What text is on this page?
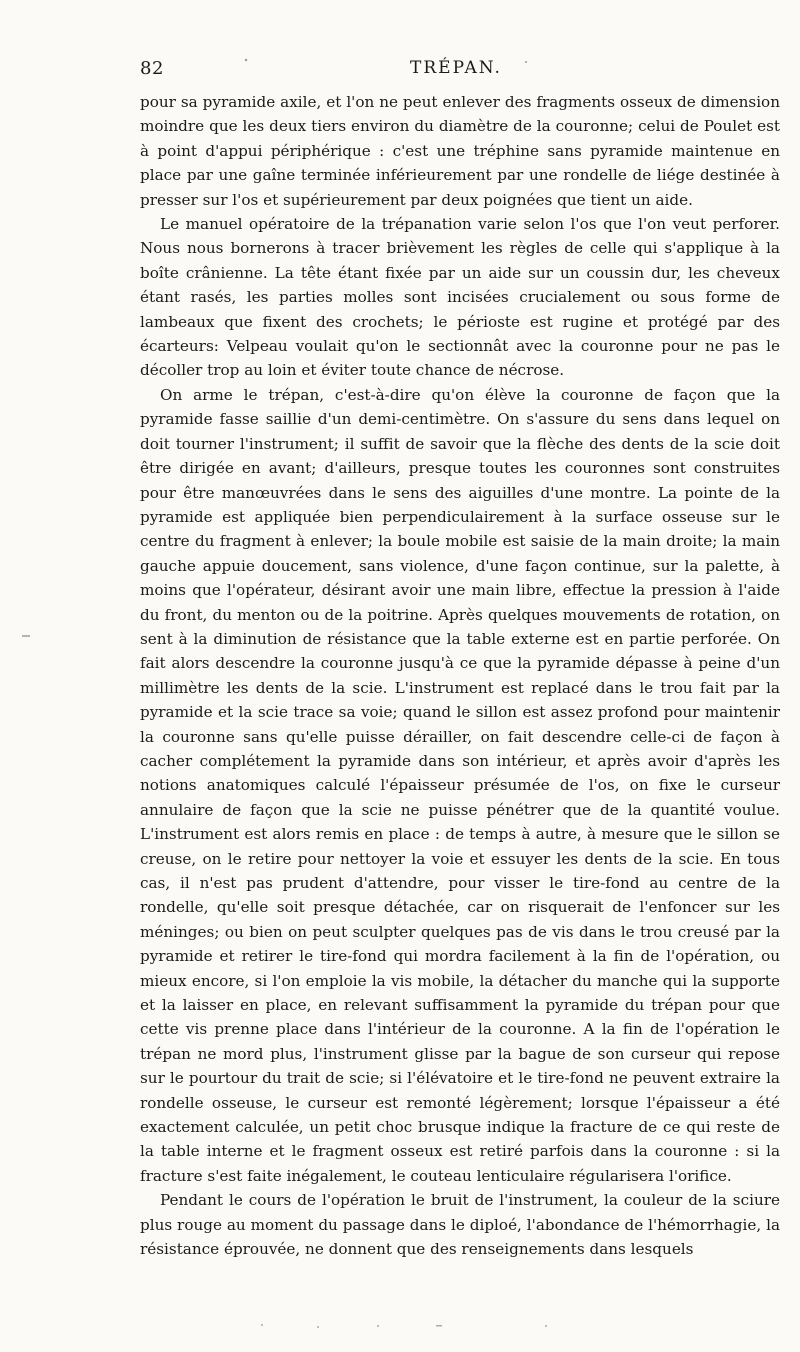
82	TRÉPAN.

pour sa pyramide axile, et l'on ne peut enlever des fragments osseux de dimension moindre que les deux tiers environ du diamètre de la couronne; celui de Poulet est à point d'appui périphérique : c'est une tréphine sans pyramide maintenue en place par une gaîne terminée inférieurement par une rondelle de liége destinée à presser sur l'os et supérieurement par deux poignées que tient un aide.

Le manuel opératoire de la trépanation varie selon l'os que l'on veut perforer. Nous nous bornerons à tracer brièvement les règles de celle qui s'applique à la boîte crânienne. La tête étant fixée par un aide sur un coussin dur, les cheveux étant rasés, les parties molles sont incisées crucialement ou sous forme de lambeaux que fixent des crochets; le périoste est rugine et protégé par des écarteurs: Velpeau voulait qu'on le sectionnât avec la couronne pour ne pas le décoller trop au loin et éviter toute chance de nécrose.

On arme le trépan, c'est-à-dire qu'on élève la couronne de façon que la pyramide fasse saillie d'un demi-centimètre. On s'assure du sens dans lequel on doit tourner l'instrument; il suffit de savoir que la flèche des dents de la scie doit être dirigée en avant; d'ailleurs, presque toutes les couronnes sont construites pour être manœuvrées dans le sens des aiguilles d'une montre. La pointe de la pyramide est appliquée bien perpendiculairement à la surface osseuse sur le centre du fragment à enlever; la boule mobile est saisie de la main droite; la main gauche appuie doucement, sans violence, d'une façon continue, sur la palette, à moins que l'opérateur, désirant avoir une main libre, effectue la pression à l'aide du front, du menton ou de la poitrine. Après quelques mouvements de rotation, on sent à la diminution de résistance que la table externe est en partie perforée. On fait alors descendre la couronne jusqu'à ce que la pyramide dépasse à peine d'un millimètre les dents de la scie. L'instrument est replacé dans le trou fait par la pyramide et la scie trace sa voie; quand le sillon est assez profond pour maintenir la couronne sans qu'elle puisse dérailler, on fait descendre celle-ci de façon à cacher complétement la pyramide dans son intérieur, et après avoir d'après les notions anatomiques calculé l'épaisseur présumée de l'os, on fixe le curseur annulaire de façon que la scie ne puisse pénétrer que de la quantité voulue. L'instrument est alors remis en place : de temps à autre, à mesure que le sillon se creuse, on le retire pour nettoyer la voie et essuyer les dents de la scie. En tous cas, il n'est pas prudent d'attendre, pour visser le tire-fond au centre de la rondelle, qu'elle soit presque détachée, car on risquerait de l'enfoncer sur les méninges; ou bien on peut sculpter quelques pas de vis dans le trou creusé par la pyramide et retirer le tire-fond qui mordra facilement à la fin de l'opération, ou mieux encore, si l'on emploie la vis mobile, la détacher du manche qui la supporte et la laisser en place, en relevant suffisamment la pyramide du trépan pour que cette vis prenne place dans l'intérieur de la couronne. A la fin de l'opération le trépan ne mord plus, l'instrument glisse par la bague de son curseur qui repose sur le pourtour du trait de scie; si l'élévatoire et le tire-fond ne peuvent extraire la rondelle osseuse, le curseur est remonté légèrement; lorsque l'épaisseur a été exactement calculée, un petit choc brusque indique la fracture de ce qui reste de la table interne et le fragment osseux est retiré parfois dans la couronne : si la fracture s'est faite inégalement, le couteau lenticulaire régularisera l'orifice.

Pendant le cours de l'opération le bruit de l'instrument, la couleur de la sciure plus rouge au moment du passage dans le diploé, l'abondance de l'hémorrhagie, la résistance éprouvée, ne donnent que des renseignements dans lesquels
